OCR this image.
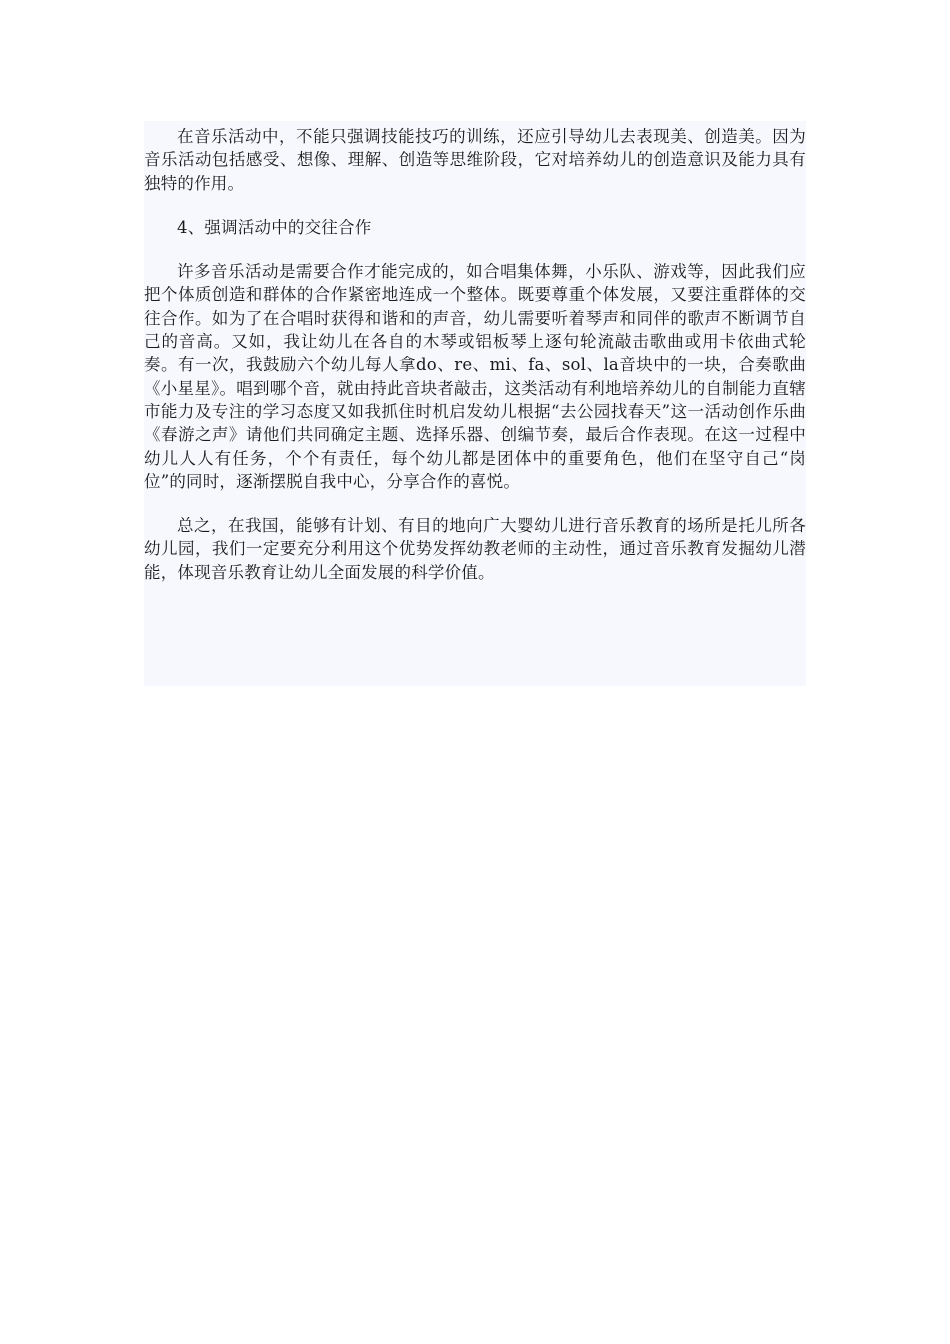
在音乐活动中，不能只强调技能技巧的训练，还应引导幼儿去表现美、创造美。因为音乐活动包括感受、想像、理解、创造等思维阶段，它对培养幼儿的创造意识及能力具有独特的作用。

4、强调活动中的交往合作

许多音乐活动是需要合作才能完成的，如合唱集体舞，小乐队、游戏等，因此我们应把个体质创造和群体的合作紧密地连成一个整体。既要尊重个体发展，又要注重群体的交往合作。如为了在合唱时获得和谐和的声音，幼儿需要听着琴声和同伴的歌声不断调节自己的音高。又如，我让幼儿在各自的木琴或铝板琴上逐句轮流敲击歌曲或用卡依曲式轮奏。有一次，我鼓励六个幼儿每人拿do、re、mi、fa、sol、la音块中的一块，合奏歌曲《小星星》。唱到哪个音，就由持此音块者敲击，这类活动有利地培养幼儿的自制能力直辖市能力及专注的学习态度又如我抓住时机启发幼儿根据“去公园找春天”这一活动创作乐曲《春游之声》请他们共同确定主题、选择乐器、创编节奏，最后合作表现。在这一过程中幼儿人人有任务，个个有责任，每个幼儿都是团体中的重要角色，他们在坚守自己“岗位”的同时，逐渐摆脱自我中心，分享合作的喜悦。

总之，在我国，能够有计划、有目的地向广大婴幼儿进行音乐教育的场所是托儿所各幼儿园，我们一定要充分利用这个优势发挥幼教老师的主动性，通过音乐教育发掘幼儿潜能，体现音乐教育让幼儿全面发展的科学价值。
